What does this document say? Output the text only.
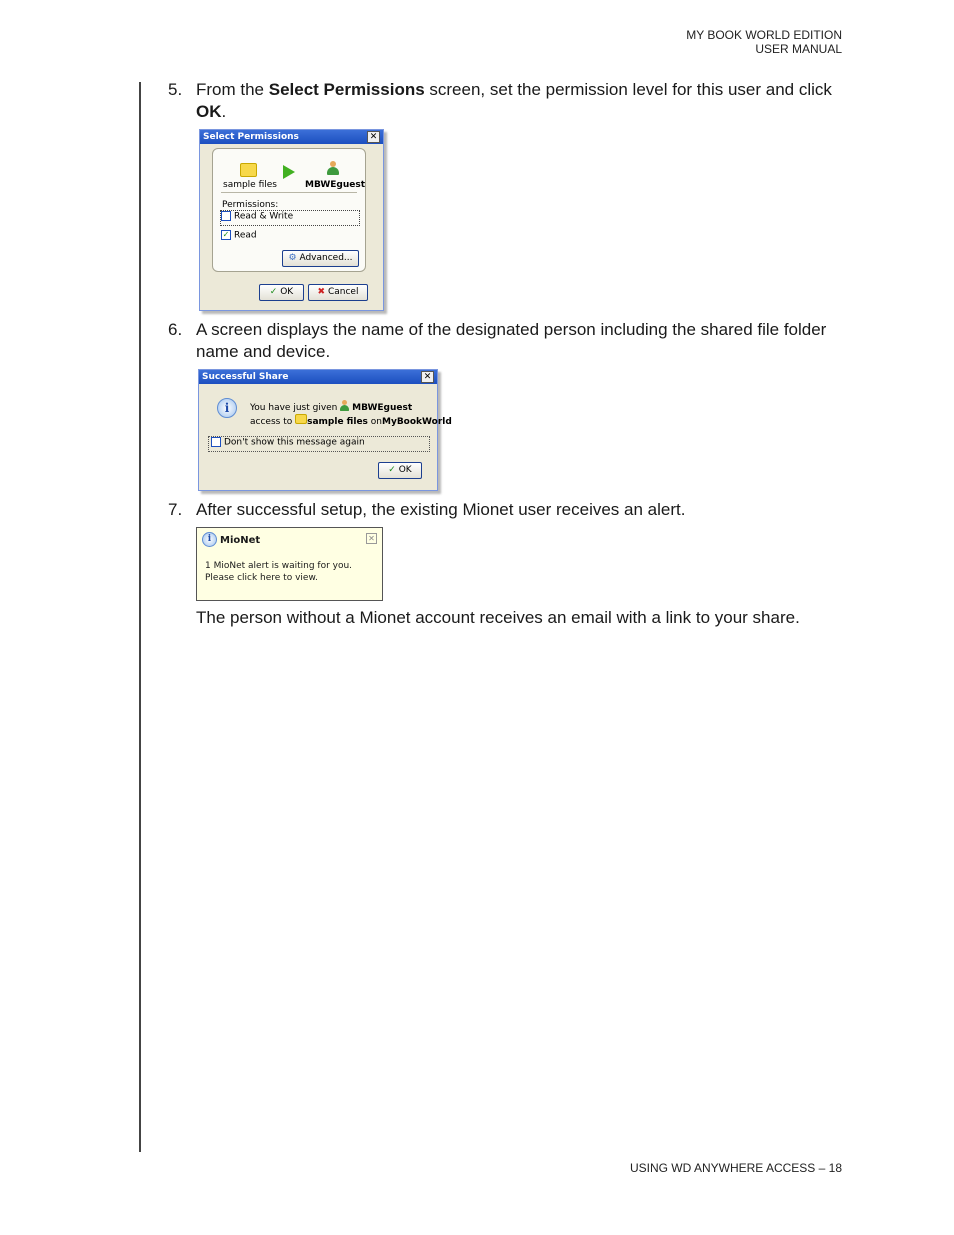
MY BOOK WORLD EDITION
USER MANUAL
5. From the Select Permissions screen, set the permission level for this user and click OK.
Select Permissions	✕
sample files	MBWEguest
Permissions:
Read & Write
✓ Read
⚙ Advanced...
✓ OK	✖ Cancel
6. A screen displays the name of the designated person including the shared file folder name and device.
Successful Share	✕
i	You have just given MBWEguest
access to sample files onMyBookWorld
Don't show this message again
✓ OK
7. After successful setup, the existing Mionet user receives an alert.
i MioNet	✕
1 MioNet alert is waiting for you.
Please click here to view.
The person without a Mionet account receives an email with a link to your share.
USING WD ANYWHERE ACCESS – 18
